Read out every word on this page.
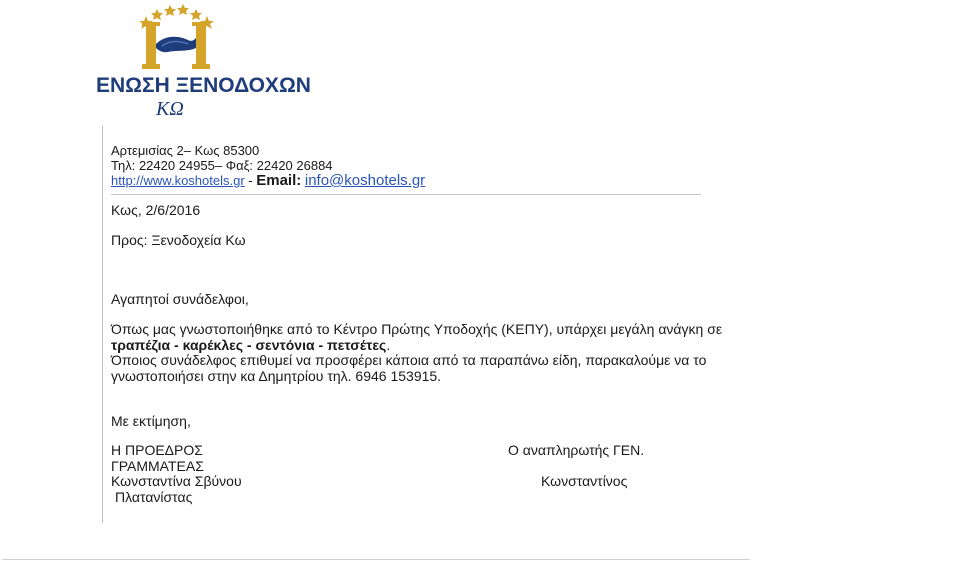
ΕΝΩΣΗ ΞΕΝΟΔΟΧΩΝ
ΚΩ
Αρτεμισίας 2– Κως 85300
Τηλ: 22420 24955– Φαξ: 22420 26884
http://www.koshotels.gr - Email: info@koshotels.gr
Κως, 2/6/2016
Προς: Ξενοδοχεία Κω
Αγαπητοί συνάδελφοι,
Όπως μας γνωστοποιήθηκε από το Κέντρο Πρώτης Υποδοχής (ΚΕΠΥ), υπάρχει μεγάλη ανάγκη σε
τραπέζια - καρέκλες - σεντόνια - πετσέτες.
Όποιος συνάδελφος επιθυμεί να προσφέρει κάποια από τα παραπάνω είδη, παρακαλούμε να το
γνωστοποιήσει στην κα Δημητρίου τηλ. 6946 153915.
Με εκτίμηση,
Η ΠΡΟΕΔΡΟΣ
ΓΡΑΜΜΑΤΕΑΣ
Κωνσταντίνα Σβύνου
Πλατανίστας
Ο αναπληρωτής ΓΕΝ.
Κωνσταντίνος
